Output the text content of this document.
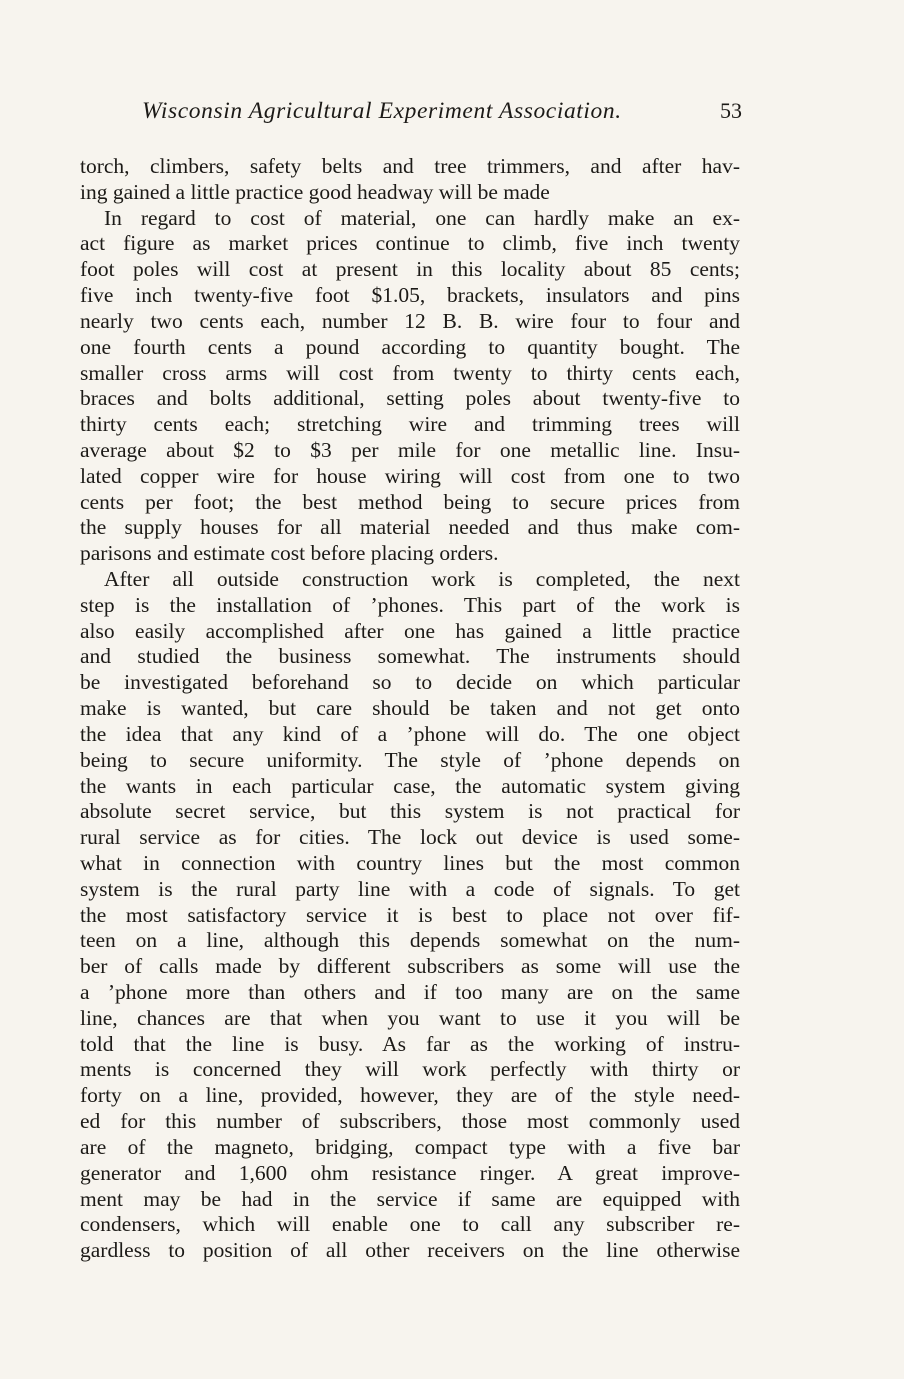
Wisconsin Agricultural Experiment Association.	53
torch, climbers, safety belts and tree trimmers, and after hav-
ing gained a little practice good headway will be made
In regard to cost of material, one can hardly make an ex-
act figure as market prices continue to climb, five inch twenty
foot poles will cost at present in this locality about 85 cents;
five inch twenty-five foot $1.05, brackets, insulators and pins
nearly two cents each, number 12 B. B. wire four to four and
one fourth cents a pound according to quantity bought. The
smaller cross arms will cost from twenty to thirty cents each,
braces and bolts additional, setting poles about twenty-five to
thirty cents each; stretching wire and trimming trees will
average about $2 to $3 per mile for one metallic line. Insu-
lated copper wire for house wiring will cost from one to two
cents per foot; the best method being to secure prices from
the supply houses for all material needed and thus make com-
parisons and estimate cost before placing orders.
After all outside construction work is completed, the next
step is the installation of ’phones. This part of the work is
also easily accomplished after one has gained a little practice
and studied the business somewhat. The instruments should
be investigated beforehand so to decide on which particular
make is wanted, but care should be taken and not get onto
the idea that any kind of a ’phone will do. The one object
being to secure uniformity. The style of ’phone depends on
the wants in each particular case, the automatic system giving
absolute secret service, but this system is not practical for
rural service as for cities. The lock out device is used some-
what in connection with country lines but the most common
system is the rural party line with a code of signals. To get
the most satisfactory service it is best to place not over fif-
teen on a line, although this depends somewhat on the num-
ber of calls made by different subscribers as some will use the
a ’phone more than others and if too many are on the same
line, chances are that when you want to use it you will be
told that the line is busy. As far as the working of instru-
ments is concerned they will work perfectly with thirty or
forty on a line, provided, however, they are of the style need-
ed for this number of subscribers, those most commonly used
are of the magneto, bridging, compact type with a five bar
generator and 1,600 ohm resistance ringer. A great improve-
ment may be had in the service if same are equipped with
condensers, which will enable one to call any subscriber re-
gardless to position of all other receivers on the line otherwise
